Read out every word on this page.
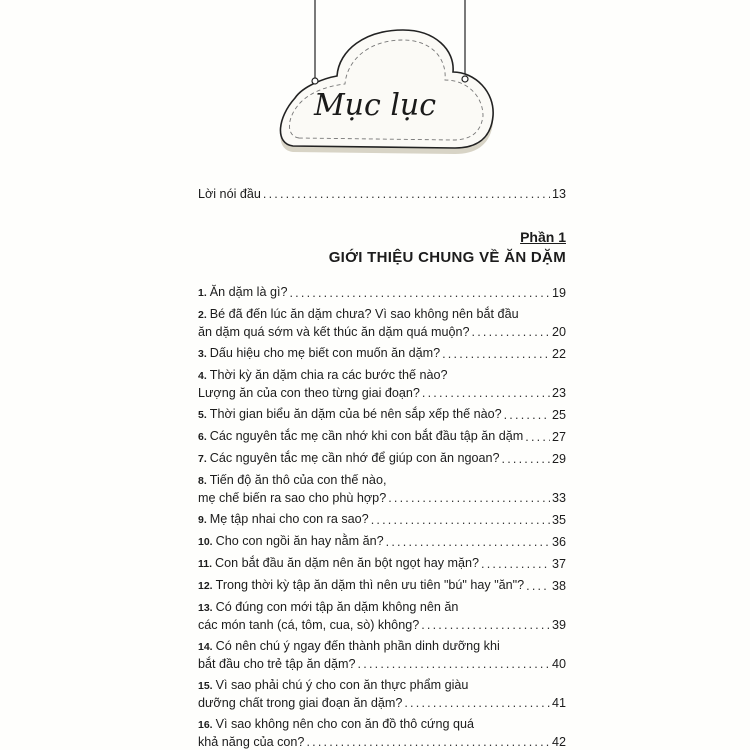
Mục lục
Lời nói đầu .....	13
Phần 1
GIỚI THIỆU CHUNG VỀ ĂN DẶM
1. Ăn dặm là gì? .....	19
2. Bé đã đến lúc ăn dặm chưa? Vì sao không nên bắt đầu
ăn dặm quá sớm và kết thúc ăn dặm quá muộn? .....	20
3. Dấu hiệu cho mẹ biết con muốn ăn dặm? .....	22
4. Thời kỳ ăn dặm chia ra các bước thế nào?
Lượng ăn của con theo từng giai đoạn? .....	23
5. Thời gian biểu ăn dặm của bé nên sắp xếp thế nào? .....	25
6. Các nguyên tắc mẹ cần nhớ khi con bắt đầu tập ăn dặm ..... 27
7. Các nguyên tắc mẹ cần nhớ để giúp con ăn ngoan? .....	29
8. Tiến độ ăn thô của con thế nào,
mẹ chế biến ra sao cho phù hợp? .....	33
9. Mẹ tập nhai cho con ra sao? .....	35
10. Cho con ngồi ăn hay nằm ăn? .....	36
11. Con bắt đầu ăn dặm nên ăn bột ngọt hay mặn? .....	37
12. Trong thời kỳ tập ăn dặm thì nên ưu tiên "bú" hay "ăn"? ..... 38
13. Có đúng con mới tập ăn dặm không nên ăn
các món tanh (cá, tôm, cua, sò) không? .....	39
14. Có nên chú ý ngay đến thành phần dinh dưỡng khi
bắt đầu cho trẻ tập ăn dặm? .....	40
15. Vì sao phải chú ý cho con ăn thực phẩm giàu
dưỡng chất trong giai đoạn ăn dặm? .....	41
16. Vì sao không nên cho con ăn đồ thô cứng quá
khả năng của con? .....	42
